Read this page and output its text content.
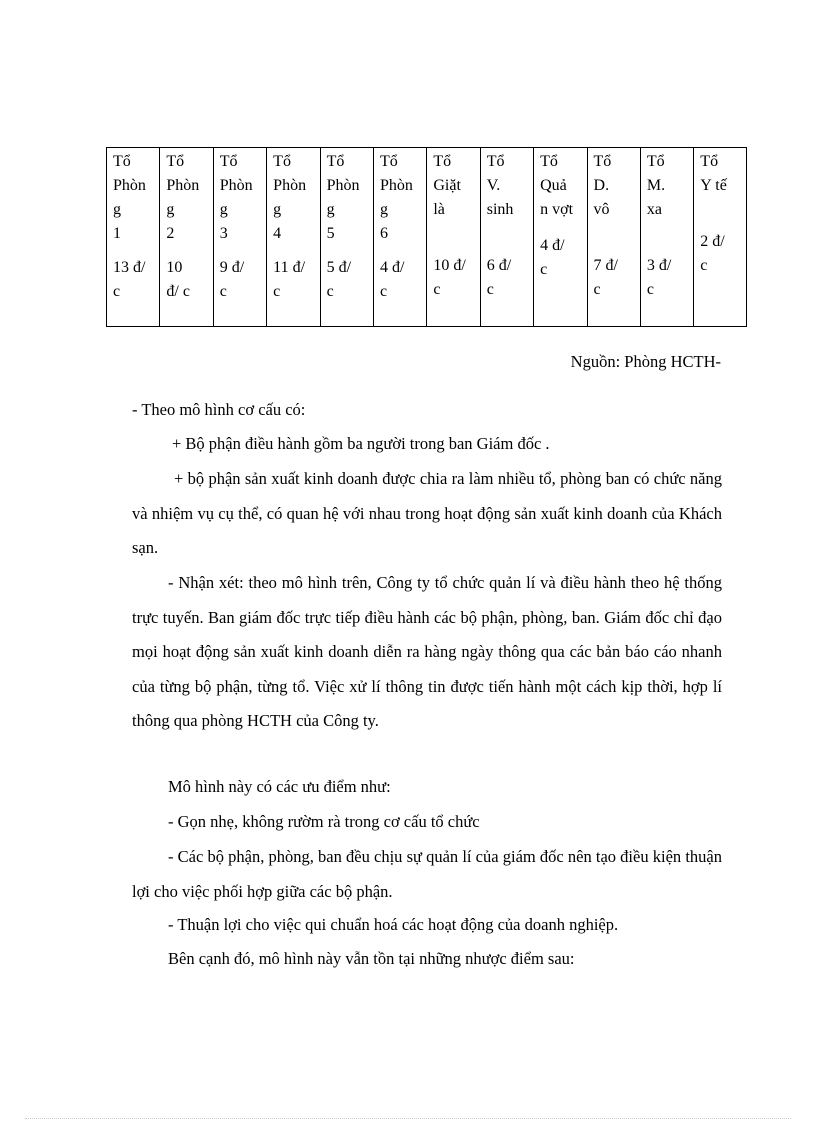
Tổ
Phòn
g
1
13 đ/
c
Tổ
Phòn
g
2
10
đ/ c
Tổ
Phòn
g
3
9 đ/
c
Tổ
Phòn
g
4
11 đ/
c
Tổ
Phòn
g
5
5 đ/
c
Tổ
Phòn
g
6
4 đ/
c
Tổ
Giặt
là
10 đ/
c
Tổ
V.
sinh
6 đ/
c
Tổ
Quả
n vợt
4 đ/
c
Tổ
D.
vô
7 đ/
c
Tổ
M.
xa
3 đ/
c
Tổ
Y tế
2 đ/
c
Nguồn: Phòng HCTH-

- Theo mô hình cơ cấu có:

+ Bộ phận điều hành gồm ba người trong ban Giám đốc .

+ bộ phận sản xuất kinh doanh được chia ra làm nhiều tổ, phòng ban có chức năng và nhiệm vụ cụ thể, có quan hệ với nhau trong hoạt động sản xuất kinh doanh của Khách sạn.

- Nhận xét: theo mô hình trên, Công ty tổ chức quản lí và điều hành theo hệ thống trực tuyến. Ban giám đốc trực tiếp điều hành các bộ phận, phòng, ban. Giám đốc chỉ đạo mọi hoạt động sản xuất kinh doanh diễn ra hàng ngày thông qua các bản báo cáo nhanh của từng bộ phận, từng tổ. Việc xử lí thông tin được tiến hành một cách kịp thời, hợp lí thông qua phòng HCTH của Công ty.

Mô hình này có các ưu điểm như:

- Gọn nhẹ, không rườm rà trong cơ cấu tổ chức

- Các bộ phận, phòng, ban đều chịu sự quản lí của giám đốc nên tạo điều kiện thuận lợi cho việc phối hợp giữa các bộ phận.

- Thuận lợi cho việc qui chuẩn hoá các hoạt động của doanh nghiệp.

Bên cạnh đó, mô hình này vẫn tồn tại những nhược điểm sau:
